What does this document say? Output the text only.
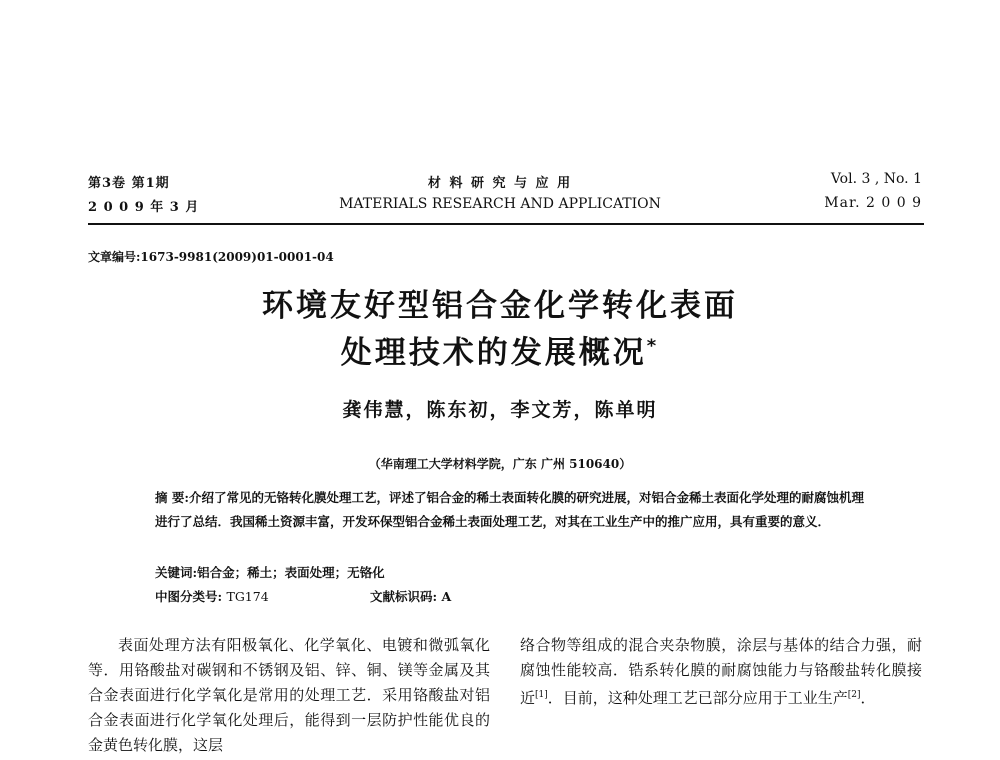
第3卷 第1期
2 0 0 9 年 3 月
材 料 研 究 与 应 用
MATERIALS RESEARCH AND APPLICATION
Vol. 3 , No. 1
Mar. 2 0 0 9
文章编号:1673-9981(2009)01-0001-04
环境友好型铝合金化学转化表面
处理技术的发展概况*
龚伟慧，陈东初，李文芳，陈单明
（华南理工大学材料学院，广东 广州 510640）
摘 要:介绍了常见的无铬转化膜处理工艺，评述了铝合金的稀土表面转化膜的研究进展，对铝合金稀土表面化学处理的耐腐蚀机理进行了总结．我国稀土资源丰富，开发环保型铝合金稀土表面处理工艺，对其在工业生产中的推广应用，具有重要的意义．
关键词:铝合金；稀土；表面处理；无铬化
中图分类号: TG174	文献标识码: A

表面处理方法有阳极氧化、化学氧化、电镀和微弧氧化等．用铬酸盐对碳钢和不锈钢及铝、锌、铜、镁等金属及其合金表面进行化学氧化是常用的处理工艺．采用铬酸盐对铝合金表面进行化学氧化处理后，能得到一层防护性能优良的金黄色转化膜，这层

络合物等组成的混合夹杂物膜，涂层与基体的结合力强，耐腐蚀性能较高．锆系转化膜的耐腐蚀能力与铬酸盐转化膜接近[1]．目前，这种处理工艺已部分应用于工业生产[2]．
